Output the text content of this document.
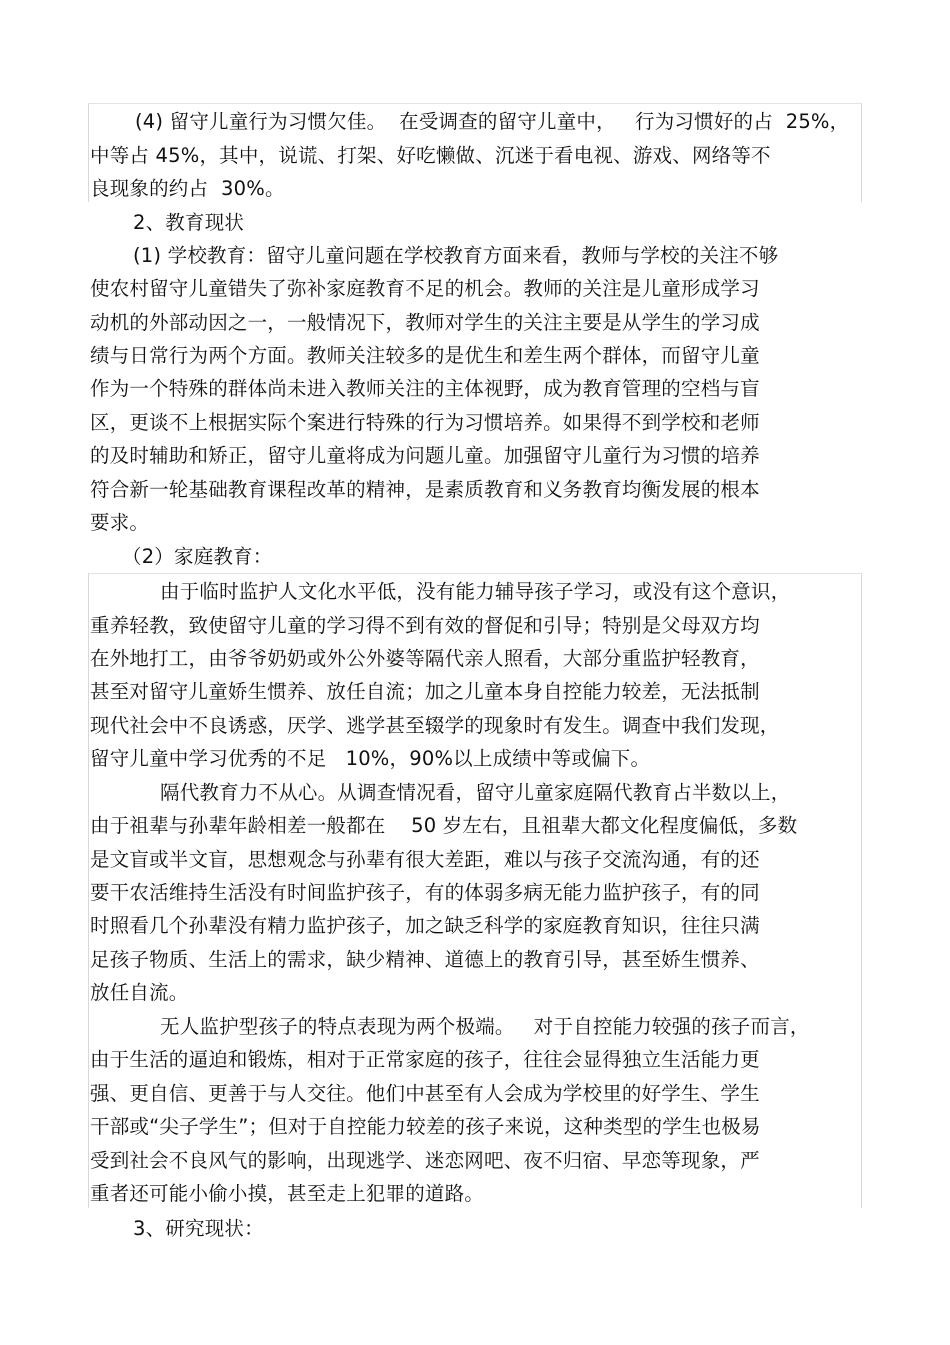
(4) 留守儿童行为习惯欠佳。  在受调查的留守儿童中，   行为习惯好的占  25%，
中等占 45%，其中，说谎、打架、好吃懒做、沉迷于看电视、游戏、网络等不
良现象的约占  30%。
2、教育现状
(1) 学校教育：留守儿童问题在学校教育方面来看，教师与学校的关注不够
使农村留守儿童错失了弥补家庭教育不足的机会。教师的关注是儿童形成学习
动机的外部动因之一，一般情况下，教师对学生的关注主要是从学生的学习成
绩与日常行为两个方面。教师关注较多的是优生和差生两个群体，而留守儿童
作为一个特殊的群体尚未进入教师关注的主体视野，成为教育管理的空档与盲
区，更谈不上根据实际个案进行特殊的行为习惯培养。如果得不到学校和老师
的及时辅助和矫正，留守儿童将成为问题儿童。加强留守儿童行为习惯的培养
符合新一轮基础教育课程改革的精神，是素质教育和义务教育均衡发展的根本
要求。
（2）家庭教育：
由于临时监护人文化水平低，没有能力辅导孩子学习，或没有这个意识，
重养轻教，致使留守儿童的学习得不到有效的督促和引导；特别是父母双方均
在外地打工，由爷爷奶奶或外公外婆等隔代亲人照看，大部分重监护轻教育，
甚至对留守儿童娇生惯养、放任自流；加之儿童本身自控能力较差，无法抵制
现代社会中不良诱惑，厌学、逃学甚至辍学的现象时有发生。调查中我们发现，
留守儿童中学习优秀的不足   10%，90%以上成绩中等或偏下。
隔代教育力不从心。从调查情况看，留守儿童家庭隔代教育占半数以上，
由于祖辈与孙辈年龄相差一般都在    50 岁左右，且祖辈大都文化程度偏低，多数
是文盲或半文盲，思想观念与孙辈有很大差距，难以与孩子交流沟通，有的还
要干农活维持生活没有时间监护孩子，有的体弱多病无能力监护孩子，有的同
时照看几个孙辈没有精力监护孩子，加之缺乏科学的家庭教育知识，往往只满
足孩子物质、生活上的需求，缺少精神、道德上的教育引导，甚至娇生惯养、
放任自流。
无人监护型孩子的特点表现为两个极端。   对于自控能力较强的孩子而言，
由于生活的逼迫和锻炼，相对于正常家庭的孩子，往往会显得独立生活能力更
强、更自信、更善于与人交往。他们中甚至有人会成为学校里的好学生、学生
干部或“尖子学生”；但对于自控能力较差的孩子来说，这种类型的学生也极易
受到社会不良风气的影响，出现逃学、迷恋网吧、夜不归宿、早恋等现象，严
重者还可能小偷小摸，甚至走上犯罪的道路。
3、研究现状：
